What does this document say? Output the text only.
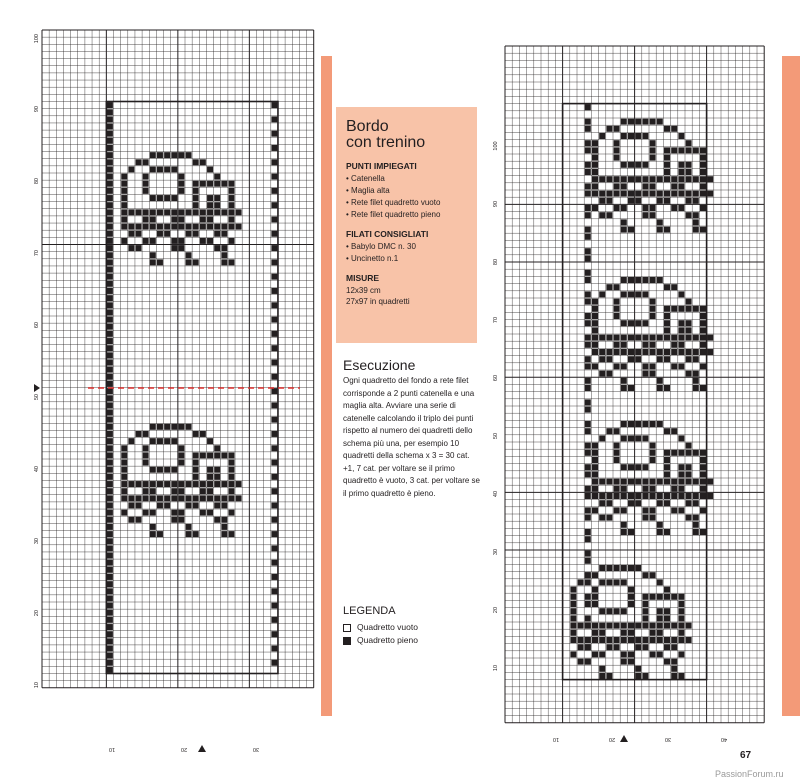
100
90
80
70
60
50
40
30
20
10
10	20	30
100
90
80
70
60
50
40
30
20
10
10	20	30	40
Bordo
con trenino
PUNTI IMPIEGATI
• Catenella
• Maglia alta
• Rete filet quadretto vuoto
• Rete filet quadretto pieno
FILATI CONSIGLIATI
• Babylo DMC n. 30
• Uncinetto n.1
MISURE
12x39 cm
27x97 in quadretti
Esecuzione
Ogni quadretto del fondo a rete filet corrisponde a 2 punti catenella e una maglia alta. Avviare una serie di catenelle calcolando il triplo dei punti rispetto al numero dei quadretti dello schema più una, per esempio 10 quadretti della schema x 3 = 30 cat. +1, 7 cat. per voltare se il primo quadretto è vuoto, 3 cat. per voltare se il primo quadretto è pieno.
LEGENDA
Quadretto vuoto
Quadretto pieno
67
PassionForum.ru
